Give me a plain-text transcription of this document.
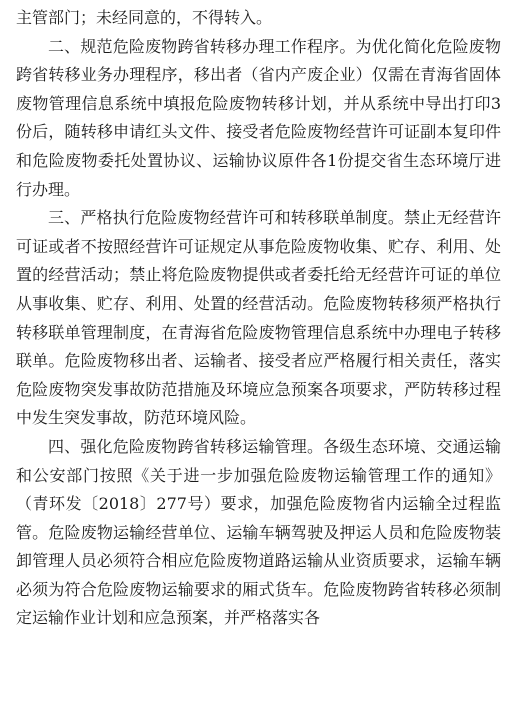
主管部门；未经同意的，不得转入。

二、规范危险废物跨省转移办理工作程序。为优化简化危险废物跨省转移业务办理程序，移出者（省内产废企业）仅需在青海省固体废物管理信息系统中填报危险废物转移计划，并从系统中导出打印3份后，随转移申请红头文件、接受者危险废物经营许可证副本复印件和危险废物委托处置协议、运输协议原件各1份提交省生态环境厅进行办理。

三、严格执行危险废物经营许可和转移联单制度。禁止无经营许可证或者不按照经营许可证规定从事危险废物收集、贮存、利用、处置的经营活动；禁止将危险废物提供或者委托给无经营许可证的单位从事收集、贮存、利用、处置的经营活动。危险废物转移须严格执行转移联单管理制度，在青海省危险废物管理信息系统中办理电子转移联单。危险废物移出者、运输者、接受者应严格履行相关责任，落实危险废物突发事故防范措施及环境应急预案各项要求，严防转移过程中发生突发事故，防范环境风险。

四、强化危险废物跨省转移运输管理。各级生态环境、交通运输和公安部门按照《关于进一步加强危险废物运输管理工作的通知》（青环发〔2018〕277号）要求，加强危险废物省内运输全过程监管。危险废物运输经营单位、运输车辆驾驶及押运人员和危险废物装卸管理人员必须符合相应危险废物道路运输从业资质要求，运输车辆必须为符合危险废物运输要求的厢式货车。危险废物跨省转移必须制定运输作业计划和应急预案，并严格落实各
